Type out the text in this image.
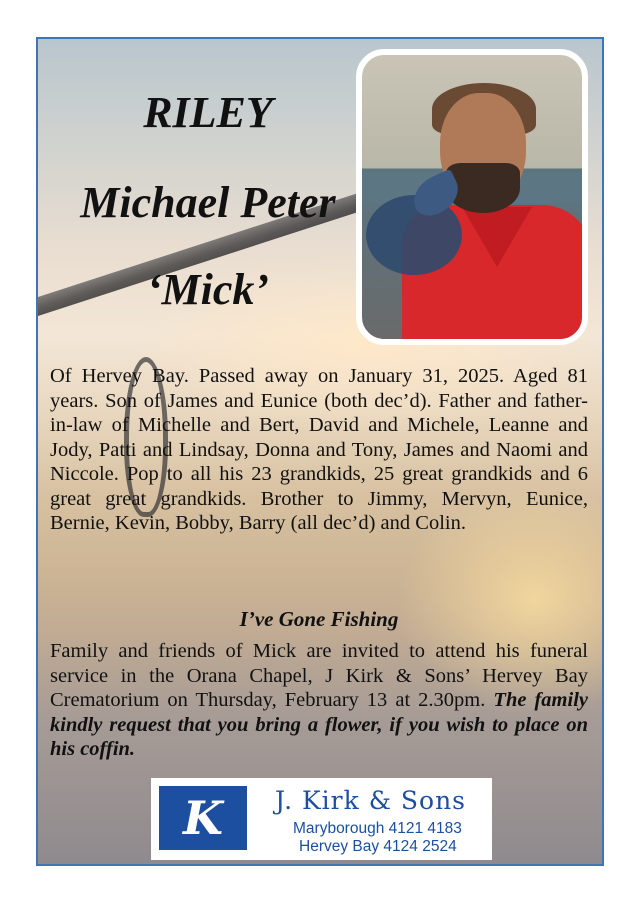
RILEY
Michael Peter
‘Mick’

Of Hervey Bay. Passed away on January 31, 2025. Aged 81 years. Son of James and Eunice (both dec’d). Father and father-in-law of Michelle and Bert, David and Michele, Leanne and Jody, Patti and Lindsay, Donna and Tony, James and Naomi and Niccole. Pop to all his 23 grandkids, 25 great grandkids and 6 great great grandkids. Brother to Jimmy, Mervyn, Eunice, Bernie, Kevin, Bobby, Barry (all dec’d) and Colin.

I’ve Gone Fishing

Family and friends of Mick are invited to attend his funeral service in the Orana Chapel, J Kirk & Sons’ Hervey Bay Crematorium on Thursday, February 13 at 2.30pm. The family kindly request that you bring a flower, if you wish to place on his coffin.

K J. Kirk & Sons
Maryborough 4121 4183
Hervey Bay 4124 2524
